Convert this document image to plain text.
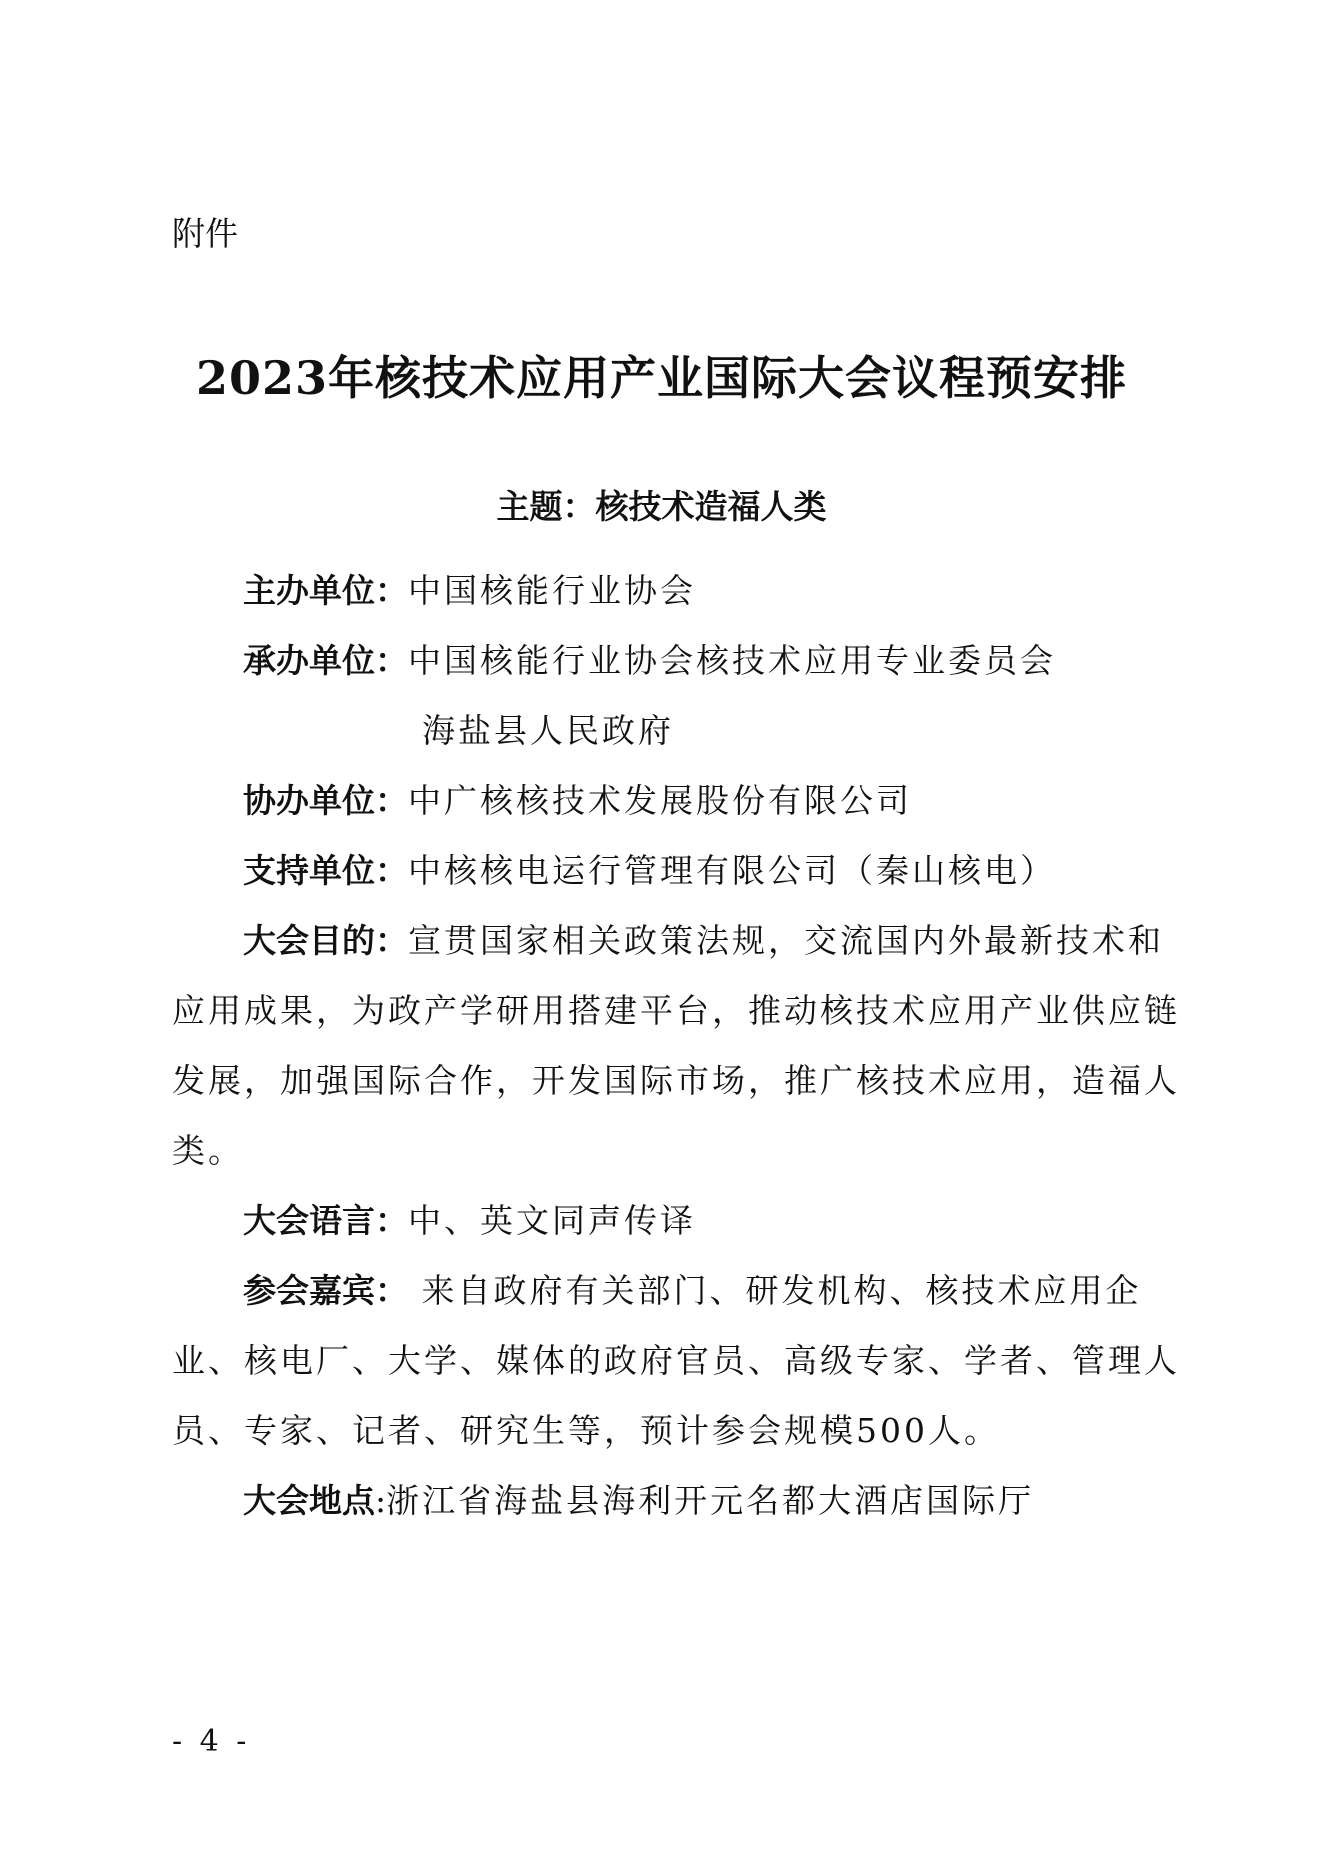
附件
2023年核技术应用产业国际大会议程预安排
主题：核技术造福人类
主办单位：中国核能行业协会
承办单位：中国核能行业协会核技术应用专业委员会
海盐县人民政府
协办单位：中广核核技术发展股份有限公司
支持单位：中核核电运行管理有限公司（秦山核电）
大会目的：宣贯国家相关政策法规，交流国内外最新技术和
应用成果，为政产学研用搭建平台，推动核技术应用产业供应链
发展，加强国际合作，开发国际市场，推广核技术应用，造福人
类。
大会语言：中、英文同声传译
参会嘉宾： 来自政府有关部门、研发机构、核技术应用企
业、核电厂、大学、媒体的政府官员、高级专家、学者、管理人
员、专家、记者、研究生等，预计参会规模500人。
大会地点:浙江省海盐县海利开元名都大酒店国际厅
- 4 -
